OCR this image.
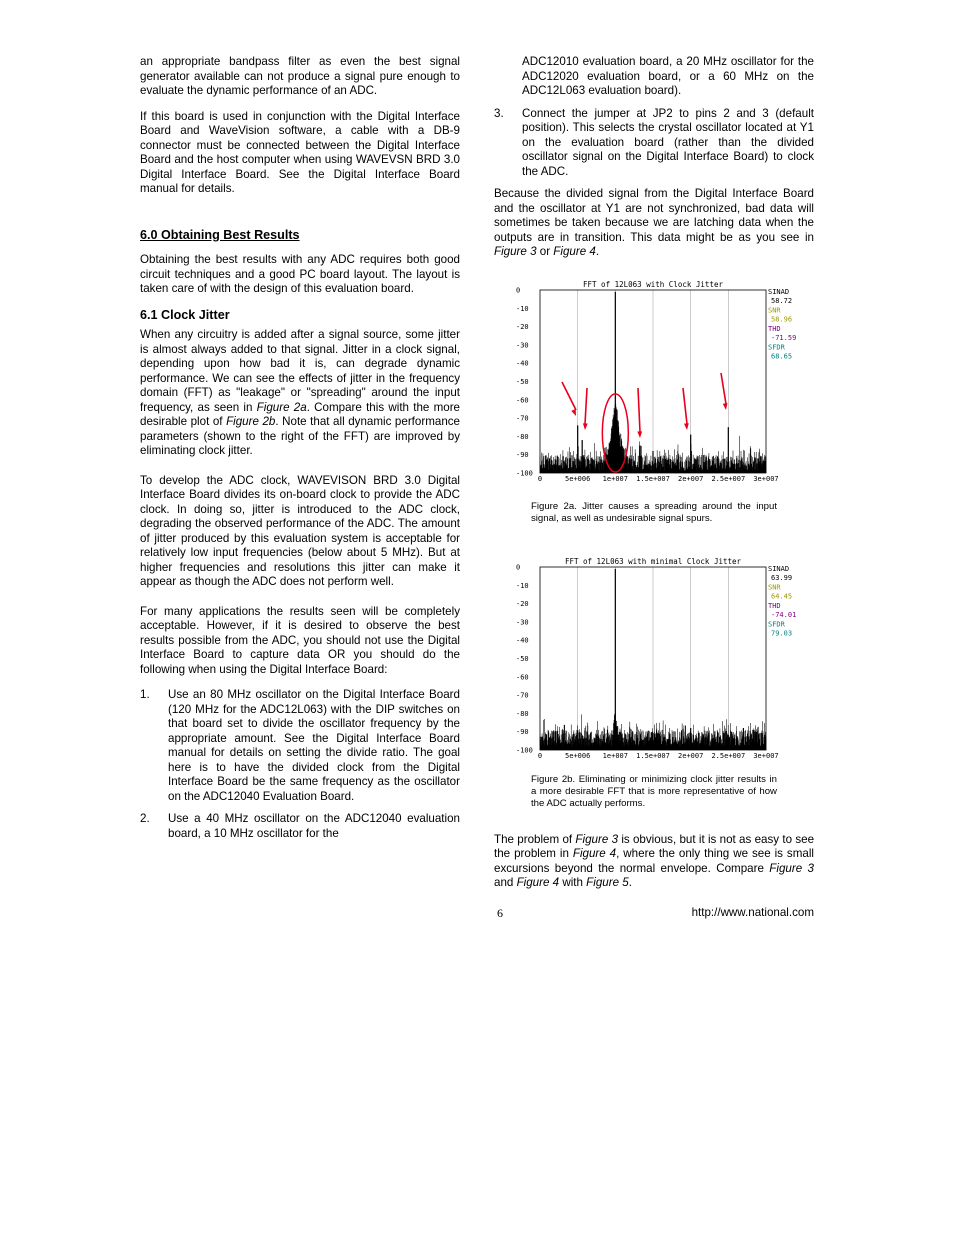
an appropriate bandpass filter as even the best signal generator available can not produce a signal pure enough to evaluate the dynamic performance of an ADC.

If this board is used in conjunction with the Digital Interface Board and WaveVision software, a cable with a DB-9 connector must be connected between the Digital Interface Board and the host computer when using WAVEVSN BRD 3.0 Digital Interface Board. See the Digital Interface Board manual for details.

6.0 Obtaining Best Results

Obtaining the best results with any ADC requires both good circuit techniques and a good PC board layout. The layout is taken care of with the design of this evaluation board.

6.1 Clock Jitter

When any circuitry is added after a signal source, some jitter is almost always added to that signal. Jitter in a clock signal, depending upon how bad it is, can degrade dynamic performance. We can see the effects of jitter in the frequency domain (FFT) as "leakage" or "spreading" around the input frequency, as seen in Figure 2a. Compare this with the more desirable plot of Figure 2b. Note that all dynamic performance parameters (shown to the right of the FFT) are improved by eliminating clock jitter.

To develop the ADC clock, WAVEVISON BRD 3.0 Digital Interface Board divides its on-board clock to provide the ADC clock. In doing so, jitter is introduced to the ADC clock, degrading the observed performance of the ADC. The amount of jitter produced by this evaluation system is acceptable for relatively low input frequencies (below about 5 MHz). But at higher frequencies and resolutions this jitter can make it appear as though the ADC does not perform well.

For many applications the results seen will be completely acceptable. However, if it is desired to observe the best results possible from the ADC, you should not use the Digital Interface Board to capture data OR you should do the following when using the Digital Interface Board:

1. Use an 80 MHz oscillator on the Digital Interface Board (120 MHz for the ADC12L063) with the DIP switches on that board set to divide the oscillator frequency by the appropriate amount. See the Digital Interface Board manual for details on setting the divide ratio. The goal here is to have the divided clock from the Digital Interface Board be the same frequency as the oscillator on the ADC12040 Evaluation Board.
2. Use a 40 MHz oscillator on the ADC12040 evaluation board, a 10 MHz oscillator for the
ADC12010 evaluation board, a 20 MHz oscillator for the ADC12020 evaluation board, or a 60 MHz on the ADC12L063 evaluation board).
3. Connect the jumper at JP2 to pins 2 and 3 (default position). This selects the crystal oscillator located at Y1 on the evaluation board (rather than the divided oscillator signal on the Digital Interface Board) to clock the ADC.

Because the divided signal from the Digital Interface Board and the oscillator at Y1 are not synchronized, bad data will sometimes be taken because we are latching data when the outputs are in transition. This data might be as you see in Figure 3 or Figure 4.

FFT of 12L063 with Clock Jitter
0	5e+006 1e+007 1.5e+007 2e+007 2.5e+007 3e+007
0
-10
-20
-30
-40
-50
-60
-70
-80
-90
-100
SINAD
58.72
SNR
58.96
THD
-71.59
SFDR
68.65

Figure 2a. Jitter causes a spreading around the input signal, as well as undesirable signal spurs.

FFT of 12L063 with minimal Clock Jitter
0	5e+006 1e+007 1.5e+007 2e+007 2.5e+007 3e+007
0
-10
-20
-30
-40
-50
-60
-70
-80
-90
-100
SINAD
63.99
SNR
64.45
THD
-74.01
SFDR
79.03

Figure 2b. Eliminating or minimizing clock jitter results in a more desirable FFT that is more representative of how the ADC actually performs.

The problem of Figure 3 is obvious, but it is not as easy to see the problem in Figure 4, where the only thing we see is small excursions beyond the normal envelope. Compare Figure 3 and Figure 4 with Figure 5.

6	http://www.national.com
